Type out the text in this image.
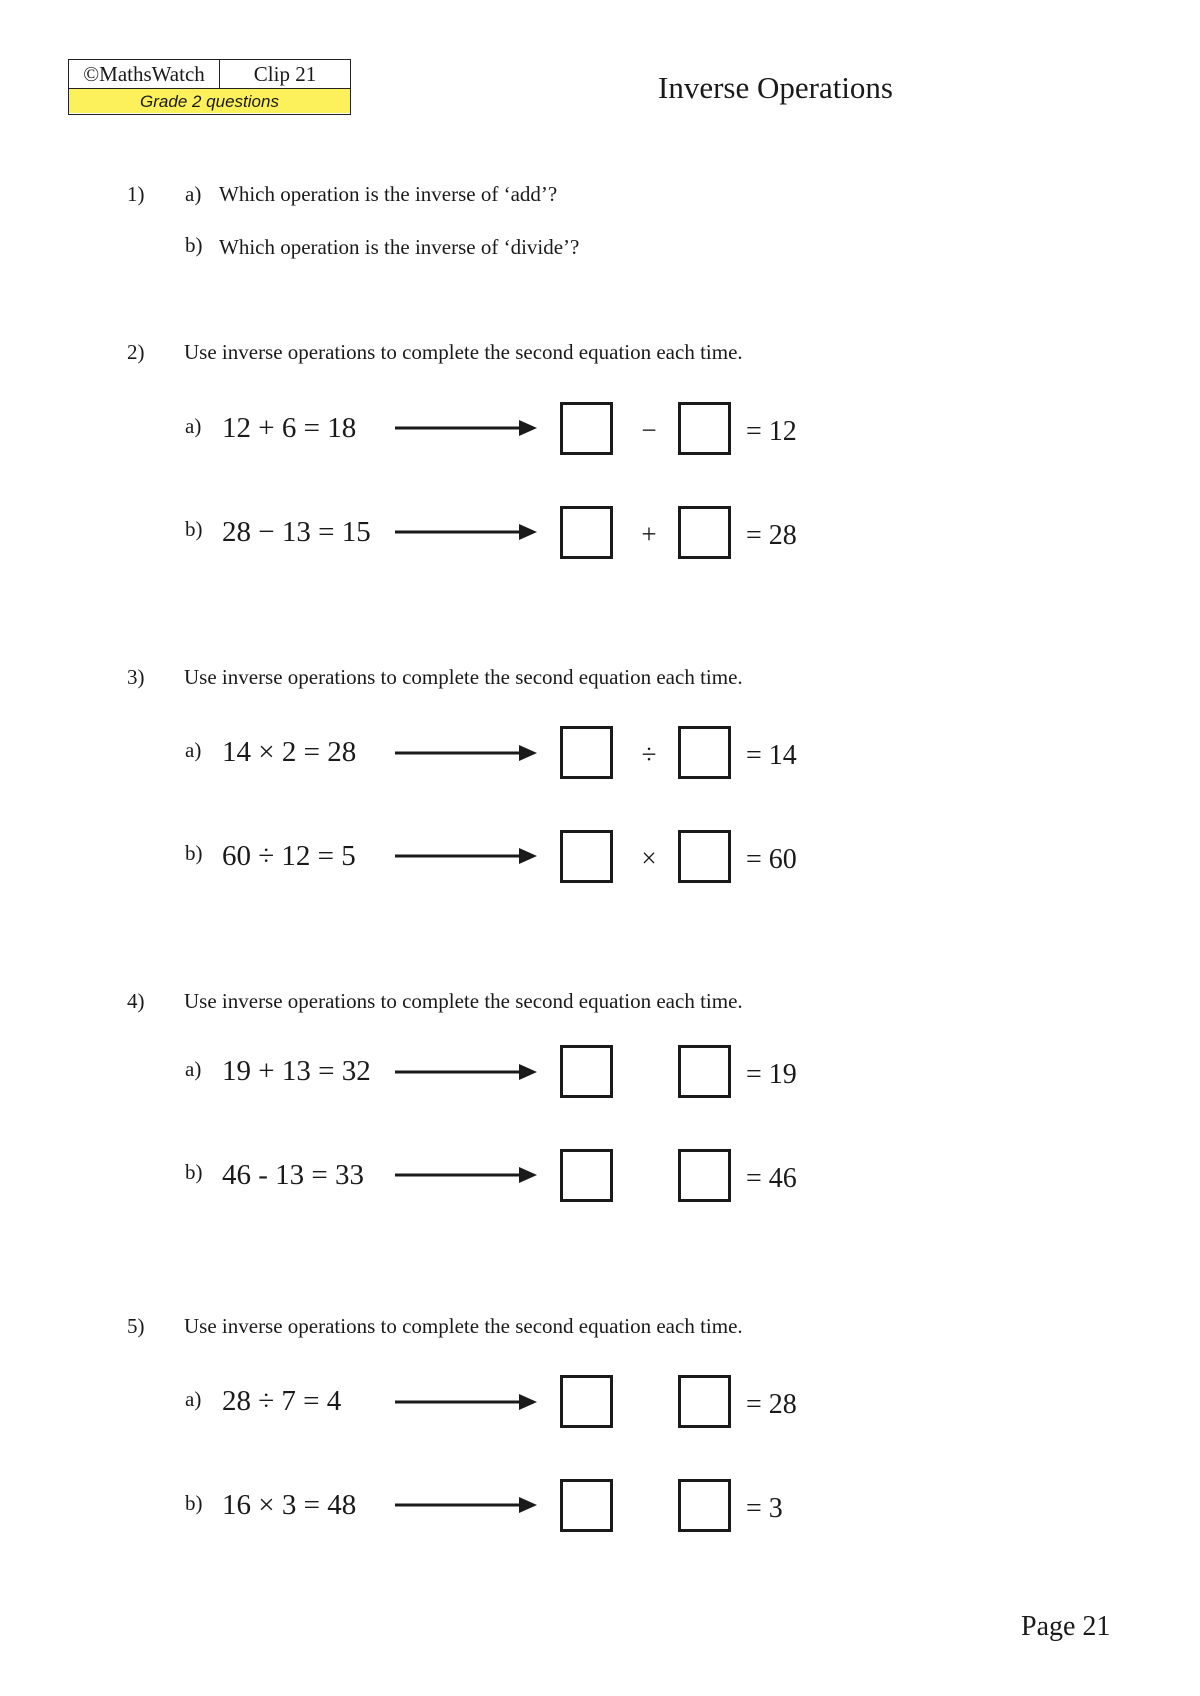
©MathsWatch	Clip 21
Grade 2 questions	Inverse Operations
1) a) Which operation is the inverse of ‘add’?
b) Which operation is the inverse of ‘divide’?
2) Use inverse operations to complete the second equation each time.
a) 12 + 6 = 18	−	= 12
b) 28 − 13 = 15	+	= 28
3) Use inverse operations to complete the second equation each time.
a) 14 × 2 = 28	÷	= 14
b) 60 ÷ 12 = 5	×	= 60
4) Use inverse operations to complete the second equation each time.
a) 19 + 13 = 32	= 19
b) 46 - 13 = 33	= 46
5) Use inverse operations to complete the second equation each time.
a) 28 ÷ 7 = 4	= 28
b) 16 × 3 = 48	= 3
Page 21
